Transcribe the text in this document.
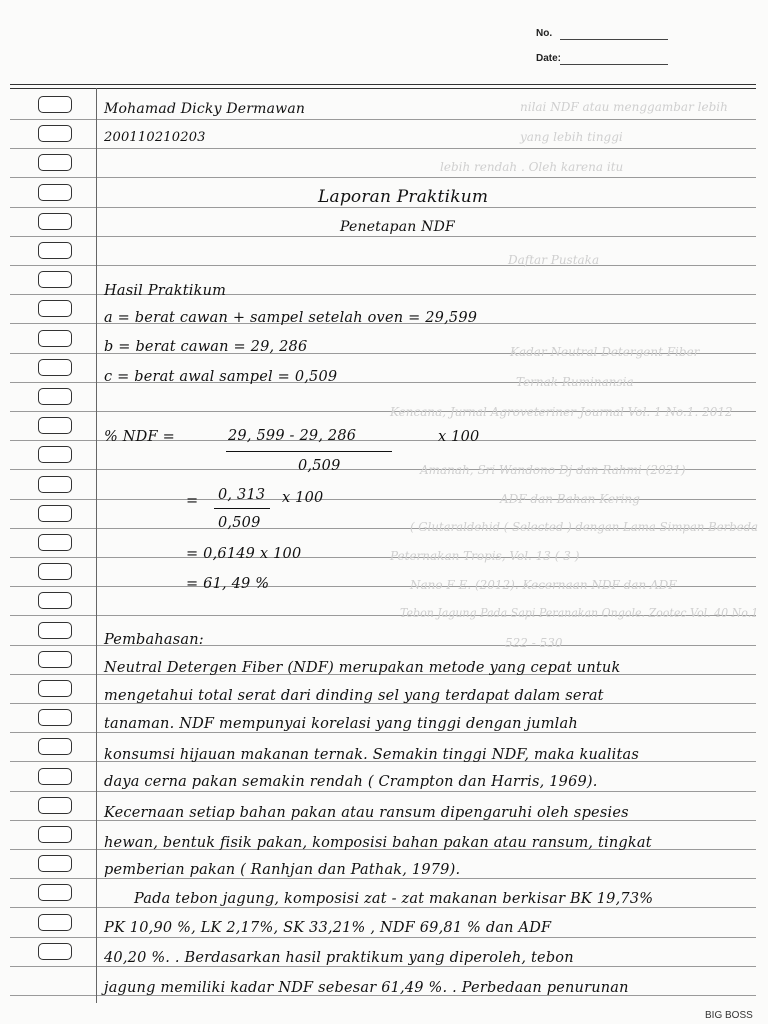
No.
Date:
nilai NDF atau menggambar lebih
yang lebih tinggi
lebih rendah . Oleh karena itu
Daftar Pustaka
Kadar Neutral Detergent Fiber
Ternak Ruminansia
Kencana, Jurnal Agroveteriner Journal Vol. 1 No.1. 2012
Amanah, Sri Wandono Dj dan Rahmi (2021)
ADF dan Bahan Kering
( Glutaraldehid ( Selected ) dengan Lama Simpan Berbeda
Peternakan Tropis, Vol. 13 ( 3 )
Nano F E. (2012). Kecernaan NDF dan ADF
Tebon Jagung Pada Sapi Peranakan Ongole. Zootec Vol. 40 No.1
522 - 530
Mohamad Dicky Dermawan
200110210203
Laporan Praktikum
Penetapan NDF
Hasil Praktikum
a = berat cawan + sampel setelah oven = 29,599
b = berat cawan = 29, 286
c = berat awal sampel = 0,509
% NDF =	29, 599 - 29, 286	x 100
0,509
= 0, 313 x 100
0,509
= 0,6149 x 100
= 61, 49 %
Pembahasan:
Neutral Detergen Fiber (NDF) merupakan metode yang cepat untuk
mengetahui total serat dari dinding sel yang terdapat dalam serat
tanaman. NDF mempunyai korelasi yang tinggi dengan jumlah
konsumsi hijauan makanan ternak. Semakin tinggi NDF, maka kualitas
daya cerna pakan semakin rendah ( Crampton dan Harris, 1969).
Kecernaan setiap bahan pakan atau ransum dipengaruhi oleh spesies
hewan, bentuk fisik pakan, komposisi bahan pakan atau ransum, tingkat
pemberian pakan ( Ranhjan dan Pathak, 1979).
Pada tebon jagung, komposisi zat - zat makanan berkisar BK 19,73%
PK 10,90 %, LK 2,17%, SK 33,21% , NDF 69,81 % dan ADF
40,20 %. . Berdasarkan hasil praktikum yang diperoleh, tebon
jagung memiliki kadar NDF sebesar 61,49 %. . Perbedaan penurunan
BIG BOSS
